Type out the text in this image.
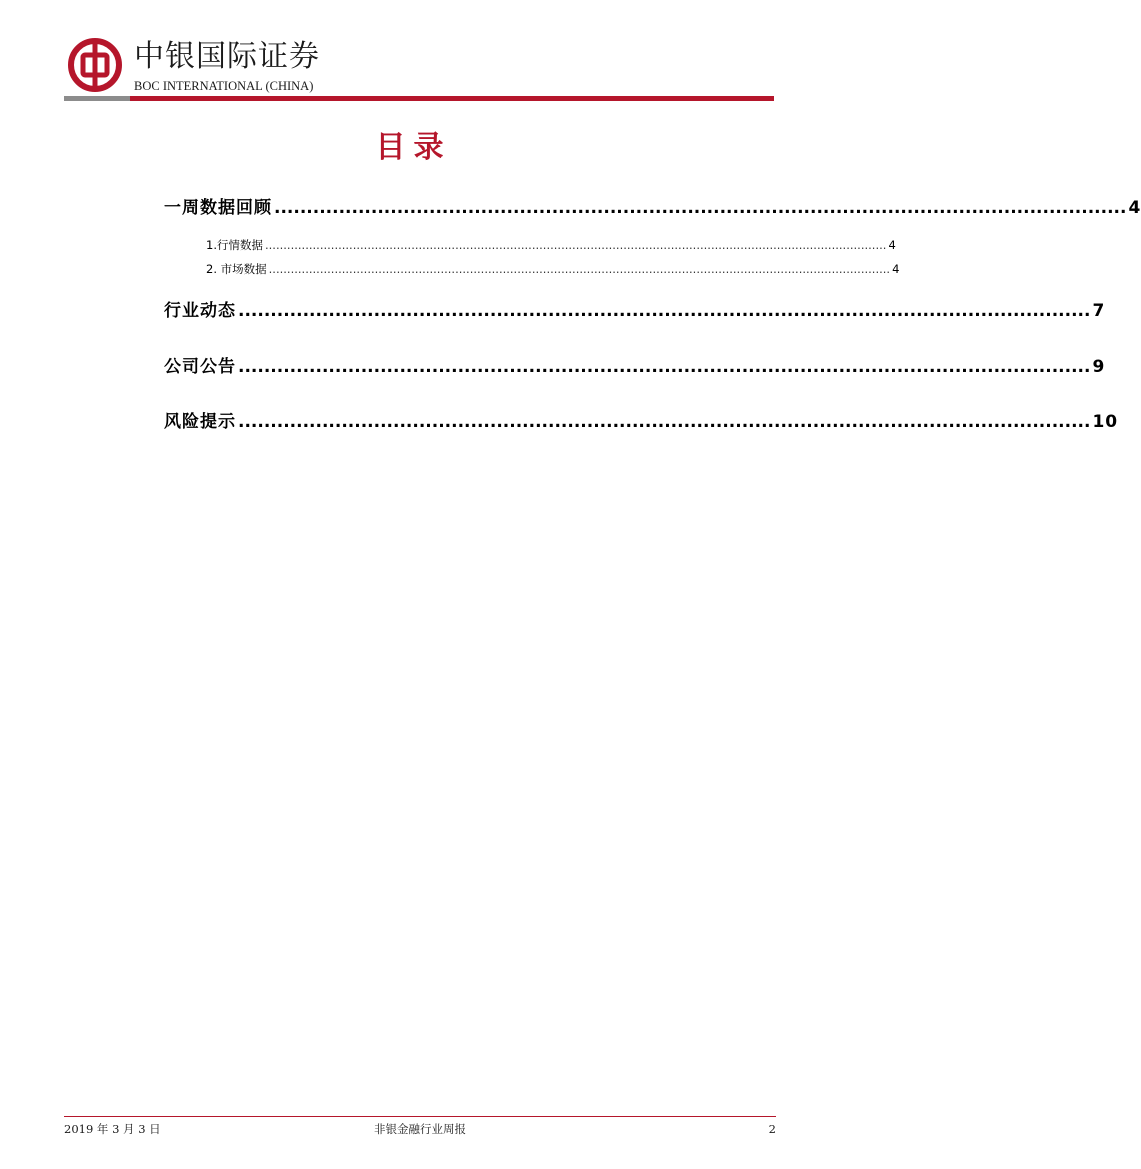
中银国际证券
BOC INTERNATIONAL (CHINA)
目录
一周数据回顾 .................................................................................................................................... 4
1.行情数据 .......................................................................................................................................................................... 4
2. 市场数据 .......................................................................................................................................................................... 4
行业动态 .................................................................................................................................... 7
公司公告 .................................................................................................................................... 9
风险提示 .................................................................................................................................... 10
2019 年 3 月 3 日	非银金融行业周报	2
